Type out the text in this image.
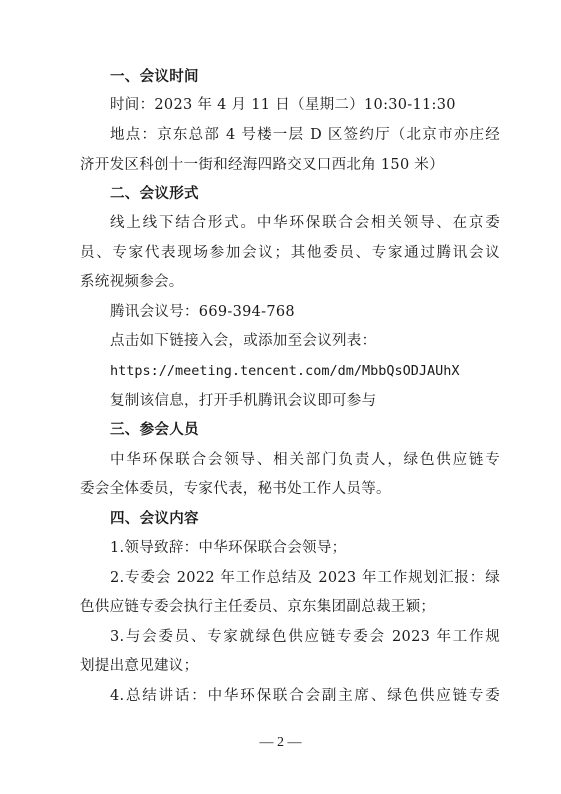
一、会议时间
时间：2023 年 4 月 11 日（星期二）10:30-11:30
地点：京东总部 4 号楼一层 D 区签约厅（北京市亦庄经
济开发区科创十一街和经海四路交叉口西北角 150 米）
二、会议形式
线上线下结合形式。中华环保联合会相关领导、在京委
员、专家代表现场参加会议；其他委员、专家通过腾讯会议
系统视频参会。
腾讯会议号：669-394-768
点击如下链接入会，或添加至会议列表：
https://meeting.tencent.com/dm/MbbQsODJAUhX
复制该信息，打开手机腾讯会议即可参与
三、参会人员
中华环保联合会领导、相关部门负责人，绿色供应链专
委会全体委员，专家代表，秘书处工作人员等。
四、会议内容
1.领导致辞：中华环保联合会领导；
2.专委会 2022 年工作总结及 2023 年工作规划汇报：绿
色供应链专委会执行主任委员、京东集团副总裁王颖；
3.与会委员、专家就绿色供应链专委会 2023 年工作规
划提出意见建议；
4.总结讲话：中华环保联合会副主席、绿色供应链专委
— 2 —
